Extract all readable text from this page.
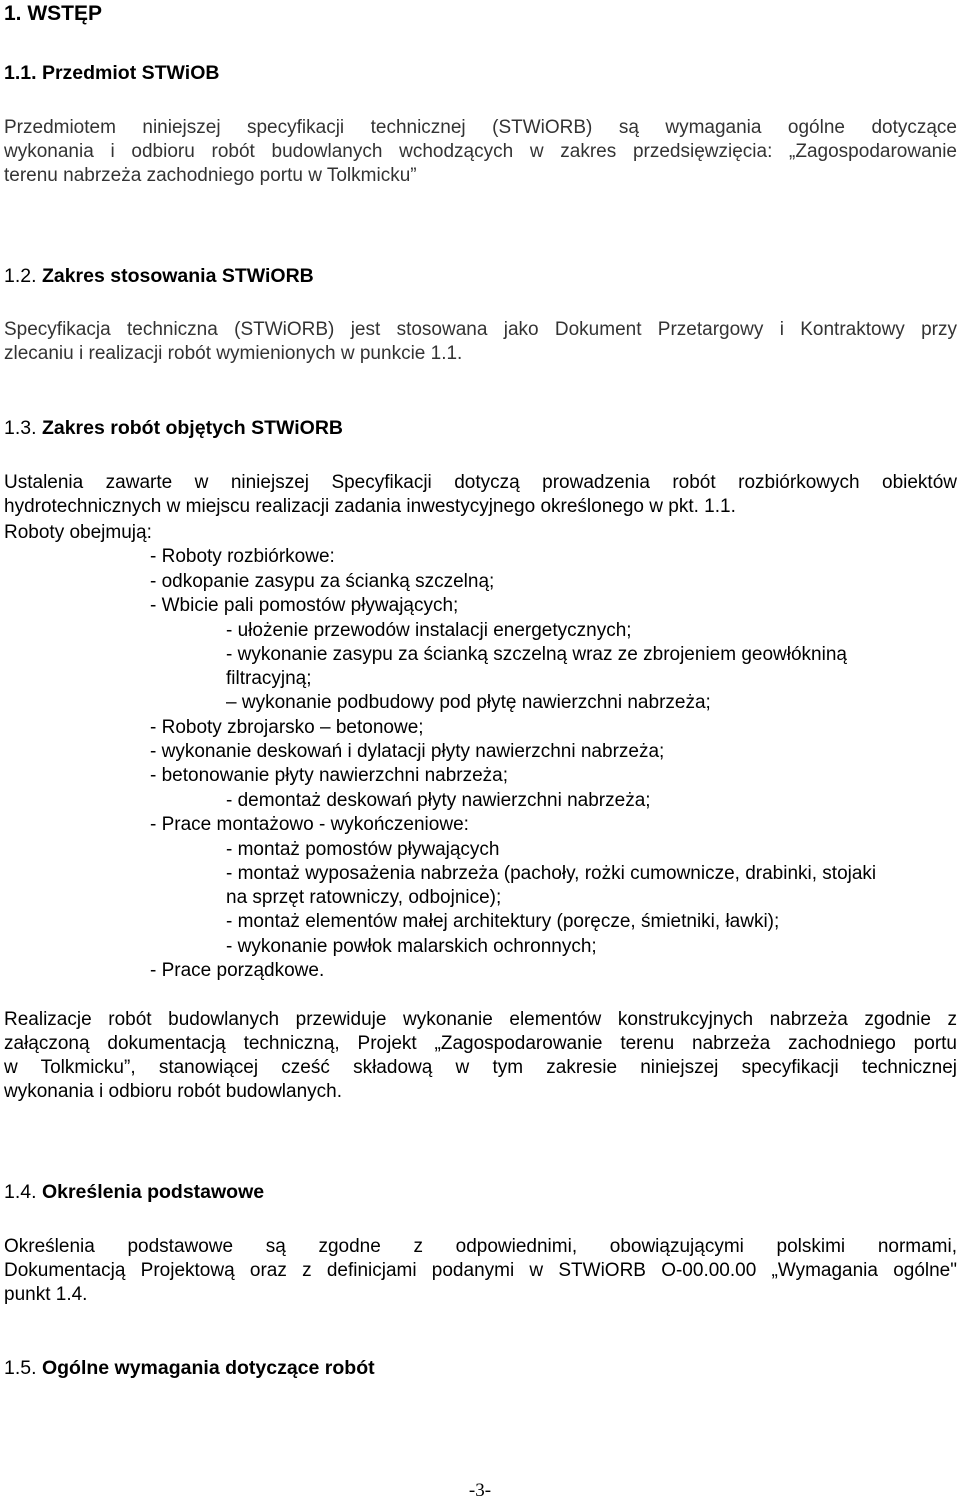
1. WSTĘP
1.1. Przedmiot STWiOB
Przedmiotem niniejszej specyfikacji technicznej (STWiORB) są wymagania ogólne dotyczące
wykonania i odbioru robót budowlanych wchodzących w zakres przedsięwzięcia: „Zagospodarowanie
terenu nabrzeża zachodniego portu w Tolkmicku”
1.2. Zakres stosowania STWiORB
Specyfikacja techniczna (STWiORB) jest stosowana jako Dokument Przetargowy i Kontraktowy przy
zlecaniu i realizacji robót wymienionych w punkcie 1.1.
1.3. Zakres robót objętych STWiORB
Ustalenia zawarte w niniejszej Specyfikacji dotyczą prowadzenia robót rozbiórkowych obiektów
hydrotechnicznych w miejscu realizacji zadania inwestycyjnego określonego w pkt. 1.1.
Roboty obejmują:
- Roboty rozbiórkowe:
- odkopanie zasypu za ścianką szczelną;
- Wbicie pali pomostów pływających;
- ułożenie przewodów instalacji energetycznych;
- wykonanie zasypu za ścianką szczelną wraz ze zbrojeniem geowłókniną
filtracyjną;
– wykonanie podbudowy pod płytę nawierzchni nabrzeża;
- Roboty zbrojarsko – betonowe;
- wykonanie deskowań i dylatacji płyty nawierzchni nabrzeża;
- betonowanie płyty nawierzchni nabrzeża;
- demontaż deskowań płyty nawierzchni nabrzeża;
- Prace montażowo - wykończeniowe:
- montaż pomostów pływających
- montaż wyposażenia nabrzeża (pachoły, rożki cumownicze, drabinki, stojaki
na sprzęt ratowniczy, odbojnice);
- montaż elementów małej architektury (poręcze, śmietniki, ławki);
- wykonanie powłok malarskich ochronnych;
- Prace porządkowe.
Realizacje robót budowlanych przewiduje wykonanie elementów konstrukcyjnych nabrzeża zgodnie z
załączoną dokumentacją techniczną, Projekt „Zagospodarowanie terenu nabrzeża zachodniego portu
w Tolkmicku”, stanowiącej cześć składową w tym zakresie niniejszej specyfikacji technicznej
wykonania i odbioru robót budowlanych.
1.4. Określenia podstawowe
Określenia podstawowe są zgodne z odpowiednimi, obowiązującymi polskimi normami,
Dokumentacją Projektową oraz z definicjami podanymi w STWiORB O-00.00.00 „Wymagania ogólne"
punkt 1.4.
1.5. Ogólne wymagania dotyczące robót
-3-
